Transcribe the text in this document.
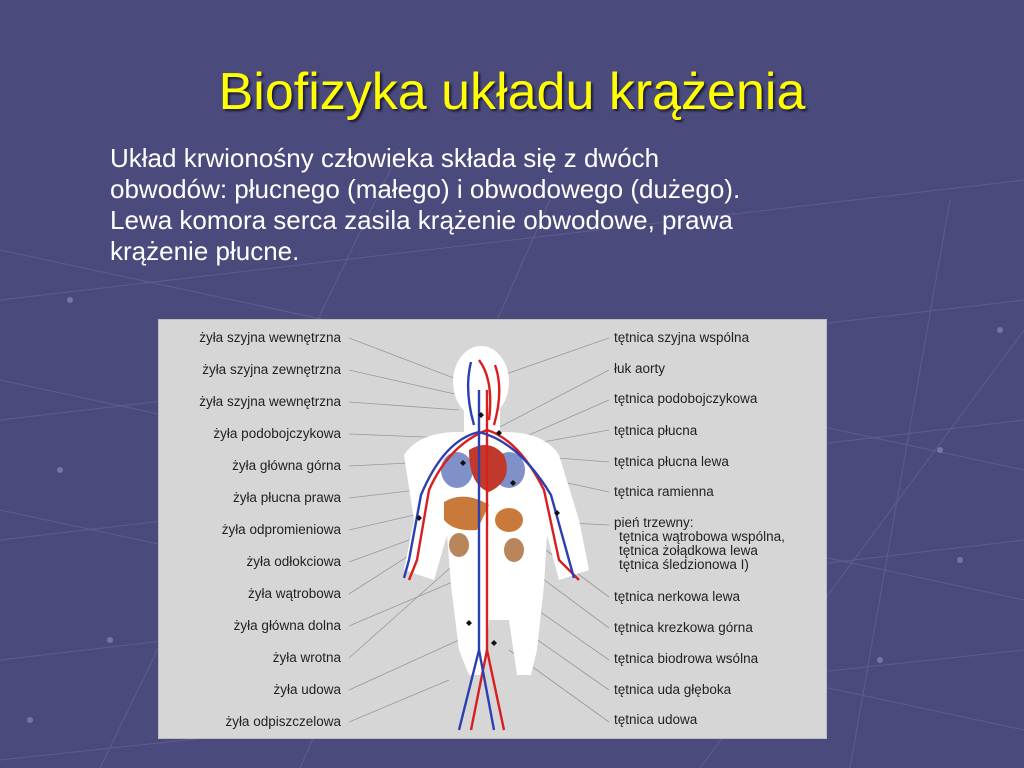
Biofizyka układu krążenia
Układ krwionośny człowieka składa się z dwóch
obwodów: płucnego (małego) i obwodowego (dużego).
Lewa komora serca zasila krążenie obwodowe, prawa
krążenie płucne.
żyła szyjna wewnętrzna
żyła szyjna zewnętrzna
żyła szyjna wewnętrzna
żyła podobojczykowa
żyła główna górna
żyła płucna prawa
żyła odpromieniowa
żyła odłokciowa
żyła wątrobowa
żyła główna dolna
żyła wrotna
żyła udowa
żyła odpiszczelowa
tętnica szyjna wspólna
łuk aorty
tętnica podobojczykowa
tętnica płucna
tętnica płucna lewa
tętnica ramienna
pień trzewny:
tętnica wątrobowa wspólna,
tętnica żołądkowa lewa
tętnica śledzionowa I)
tętnica nerkowa lewa
tętnica krezkowa górna
tętnica biodrowa wsólna
tętnica uda głęboka
tętnica udowa
